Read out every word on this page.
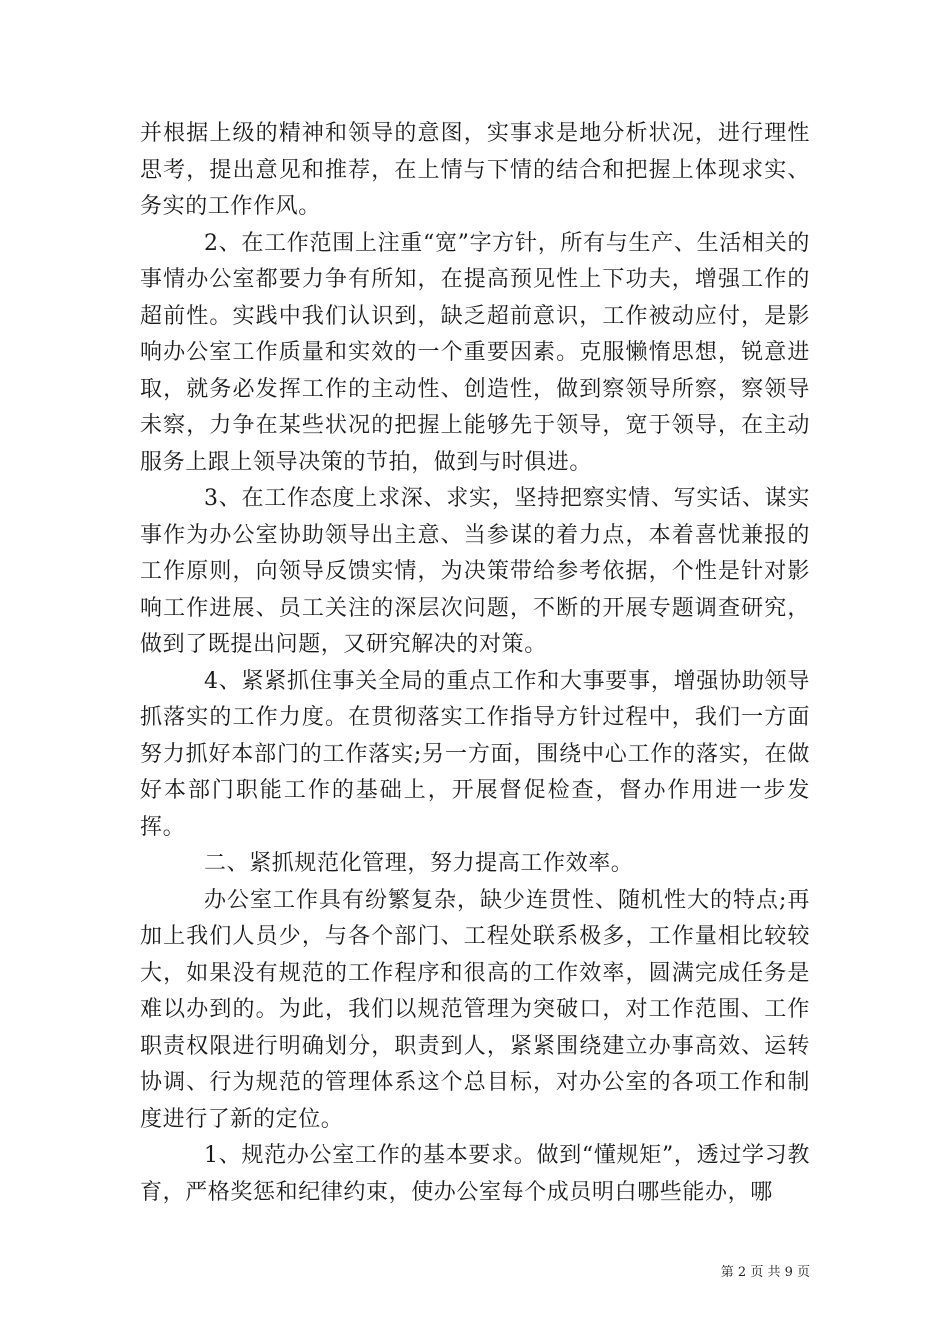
并根据上级的精神和领导的意图，实事求是地分析状况，进行理性思考，提出意见和推荐，在上情与下情的结合和把握上体现求实、务实的工作作风。

2、在工作范围上注重“宽”字方针，所有与生产、生活相关的事情办公室都要力争有所知，在提高预见性上下功夫，增强工作的超前性。实践中我们认识到，缺乏超前意识，工作被动应付，是影响办公室工作质量和实效的一个重要因素。克服懒惰思想，锐意进取，就务必发挥工作的主动性、创造性，做到察领导所察，察领导未察，力争在某些状况的把握上能够先于领导，宽于领导，在主动服务上跟上领导决策的节拍，做到与时俱进。

3、在工作态度上求深、求实，坚持把察实情、写实话、谋实事作为办公室协助领导出主意、当参谋的着力点，本着喜忧兼报的工作原则，向领导反馈实情，为决策带给参考依据，个性是针对影响工作进展、员工关注的深层次问题，不断的开展专题调查研究，做到了既提出问题，又研究解决的对策。

4、紧紧抓住事关全局的重点工作和大事要事，增强协助领导抓落实的工作力度。在贯彻落实工作指导方针过程中，我们一方面努力抓好本部门的工作落实;另一方面，围绕中心工作的落实，在做好本部门职能工作的基础上，开展督促检查，督办作用进一步发挥。

二、紧抓规范化管理，努力提高工作效率。

办公室工作具有纷繁复杂，缺少连贯性、随机性大的特点;再加上我们人员少，与各个部门、工程处联系极多，工作量相比较较大，如果没有规范的工作程序和很高的工作效率，圆满完成任务是难以办到的。为此，我们以规范管理为突破口，对工作范围、工作职责权限进行明确划分，职责到人，紧紧围绕建立办事高效、运转协调、行为规范的管理体系这个总目标，对办公室的各项工作和制度进行了新的定位。

1、规范办公室工作的基本要求。做到“懂规矩”，透过学习教育，严格奖惩和纪律约束，使办公室每个成员明白哪些能办，哪

第 2 页 共 9 页
